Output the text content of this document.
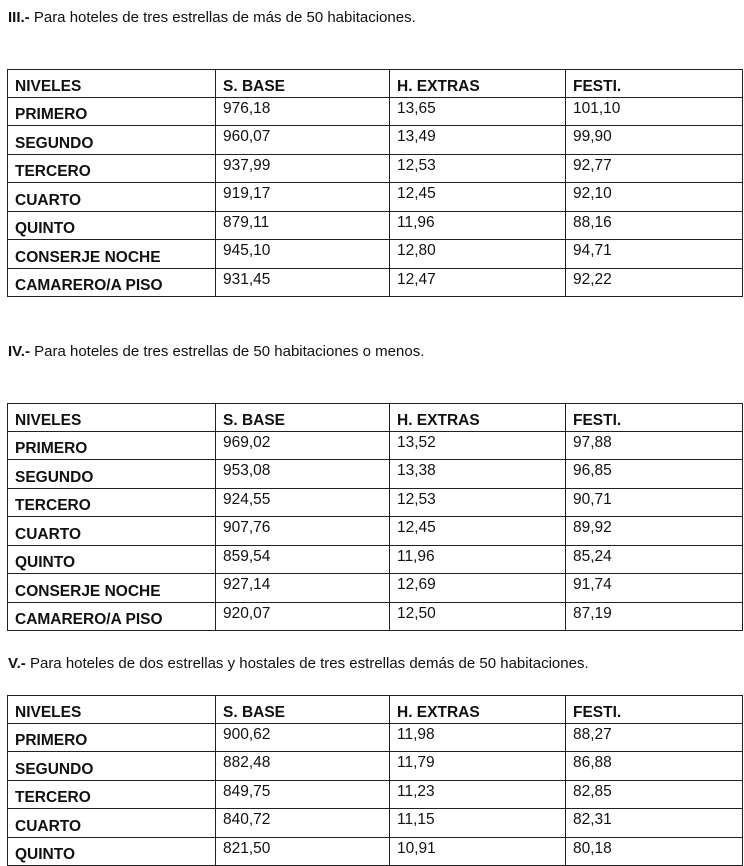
III.- Para hoteles de tres estrellas de más de 50 habitaciones.
NIVELES	S. BASE	H. EXTRAS	FESTI.
PRIMERO	976,18	13,65	101,10
SEGUNDO	960,07	13,49	99,90
TERCERO	937,99	12,53	92,77
CUARTO	919,17	12,45	92,10
QUINTO	879,11	11,96	88,16
CONSERJE NOCHE	945,10	12,80	94,71
CAMARERO/A PISO	931,45	12,47	92,22
IV.- Para hoteles de tres estrellas de 50 habitaciones o menos.
NIVELES	S. BASE	H. EXTRAS	FESTI.
PRIMERO	969,02	13,52	97,88
SEGUNDO	953,08	13,38	96,85
TERCERO	924,55	12,53	90,71
CUARTO	907,76	12,45	89,92
QUINTO	859,54	11,96	85,24
CONSERJE NOCHE	927,14	12,69	91,74
CAMARERO/A PISO	920,07	12,50	87,19
V.- Para hoteles de dos estrellas y hostales de tres estrellas demás de 50 habitaciones.
NIVELES	S. BASE	H. EXTRAS	FESTI.
PRIMERO	900,62	11,98	88,27
SEGUNDO	882,48	11,79	86,88
TERCERO	849,75	11,23	82,85
CUARTO	840,72	11,15	82,31
QUINTO	821,50	10,91	80,18
